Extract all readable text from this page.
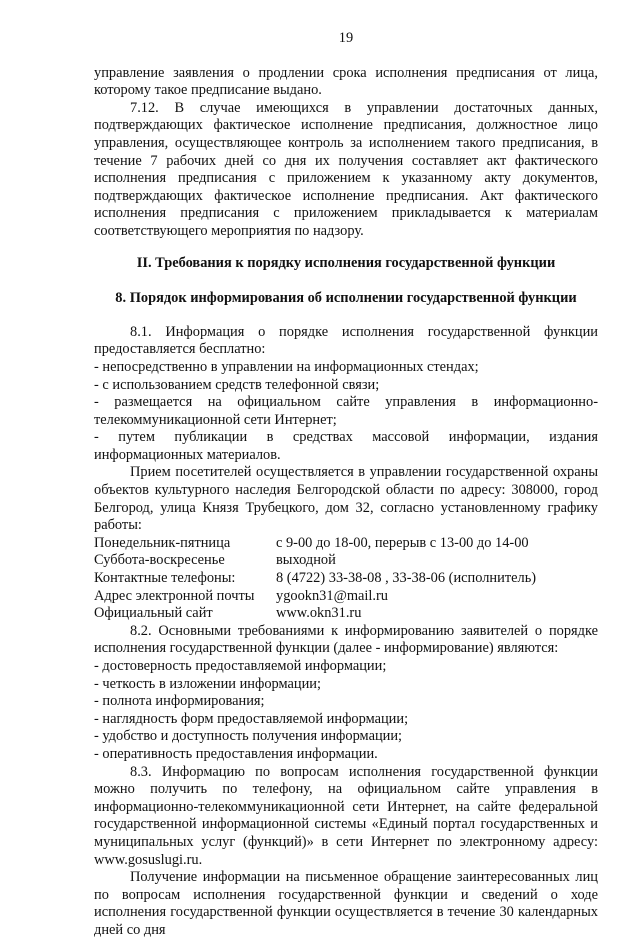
19

управление заявления о продлении срока исполнения предписания от лица, которому такое предписание выдано.

7.12. В случае имеющихся в управлении достаточных данных, подтверждающих фактическое исполнение предписания, должностное лицо управления, осуществляющее контроль за исполнением такого предписания, в течение 7 рабочих дней со дня их получения составляет акт фактического исполнения предписания с приложением к указанному акту документов, подтверждающих фактическое исполнение предписания. Акт фактического исполнения предписания с приложением прикладывается к материалам соответствующего мероприятия по надзору.

II. Требования к порядку исполнения государственной функции

8. Порядок информирования об исполнении государственной функции

8.1. Информация о порядке исполнения государственной функции предоставляется бесплатно:

- непосредственно в управлении на информационных стендах;

- с использованием средств телефонной связи;

- размещается на официальном сайте управления в информационно-телекоммуникационной сети Интернет;

- путем публикации в средствах массовой информации, издания информационных материалов.

Прием посетителей осуществляется в управлении государственной охраны объектов культурного наследия Белгородской области по адресу: 308000, город Белгород, улица Князя Трубецкого, дом 32, согласно установленному графику работы:

Понедельник-пятница	с 9-00 до 18-00, перерыв с 13-00 до 14-00
Суббота-воскресенье	выходной
Контактные телефоны:	8 (4722) 33-38-08 , 33-38-06 (исполнитель)
Адрес электронной почты	ygookn31@mail.ru
Официальный сайт	www.okn31.ru

8.2. Основными требованиями к информированию заявителей о порядке исполнения государственной функции (далее - информирование) являются:

- достоверность предоставляемой информации;

- четкость в изложении информации;

- полнота информирования;

- наглядность форм предоставляемой информации;

- удобство и доступность получения информации;

- оперативность предоставления информации.

8.3. Информацию по вопросам исполнения государственной функции можно получить по телефону, на официальном сайте управления в информационно-телекоммуникационной сети Интернет, на сайте федеральной государственной информационной системы «Единый портал государственных и муниципальных услуг (функций)» в сети Интернет по электронному адресу: www.gosuslugi.ru.

Получение информации на письменное обращение заинтересованных лиц по вопросам исполнения государственной функции и сведений о ходе исполнения государственной функции осуществляется в течение 30 календарных дней со дня
